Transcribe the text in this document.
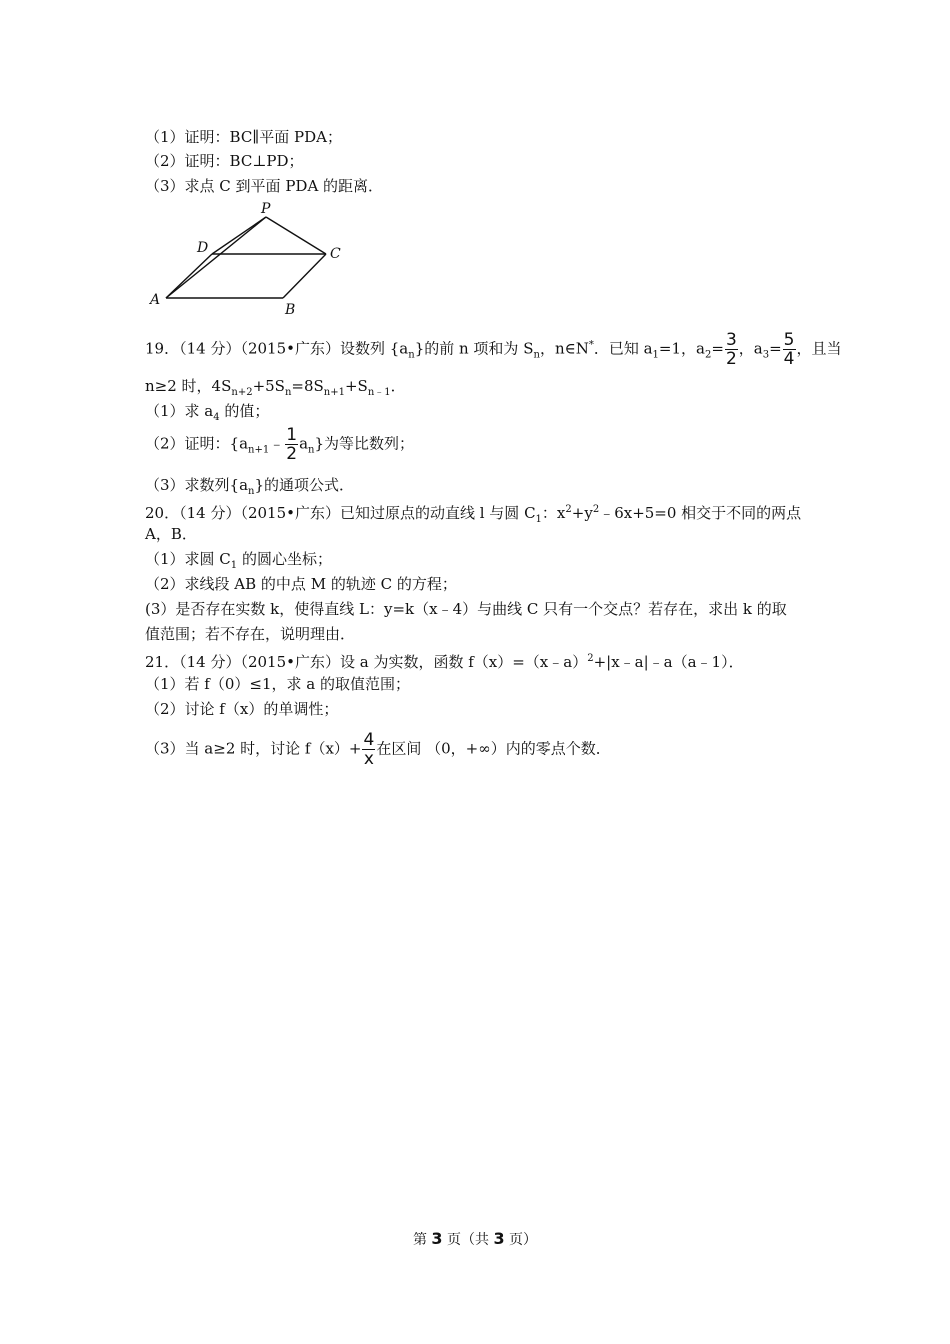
（1）证明：BC∥平面 PDA；
（2）证明：BC⊥PD；
（3）求点 C 到平面 PDA 的距离．
P
D	C
A
B
19．（14 分）（2015•广东）设数列 $\{a_n\}$的前 n 项和为 $S_n$，n∈N*．已知 $a_1=1$，$a_2= \frac{3}{2}$ ，$a_3= \frac{5}{4}$ ，且当
n≥2 时，$4S_{n+2}+5S_n=8S_{n+1}+S_{n﹣1}$．
（1）求 $a_4$ 的值；
（2）证明：$\{a_{n+1}﹣ \frac{1}{2} a_n\}$为等比数列；
（3）求数列$\{a_n\}$的通项公式．
20．（14 分）（2015•广东）已知过原点的动直线 l 与圆 $C_1$：$x^2+y^2﹣6x+5=0$ 相交于不同的两点
A，B．
（1）求圆 $C_1$ 的圆心坐标；
（2）求线段 AB 的中点 M 的轨迹 C 的方程；
(3）是否存在实数 k，使得直线 L：y=k（x﹣4）与曲线 C 只有一个交点？若存在，求出 k 的取
值范围；若不存在，说明理由．
21．（14 分）（2015•广东）设 a 为实数，函数 f（x）=（x﹣a）$^2$+|x﹣a|﹣a（a﹣1）．
（1）若 f（0）≤1，求 a 的取值范围；
（2）讨论 f（x）的单调性；
（3）当 a≥2 时，讨论 $f(x)+ \frac{4}{x}$ 在区间 （0，+∞）内的零点个数．
第 3 页（共 3 页）
